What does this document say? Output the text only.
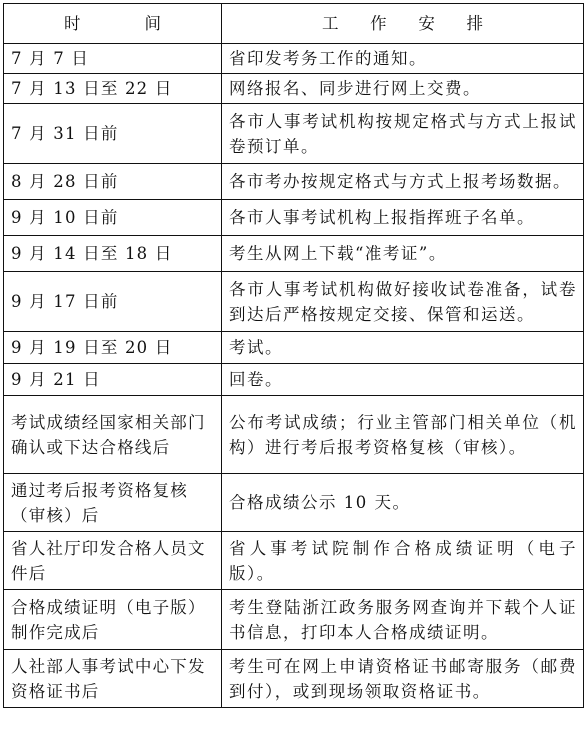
时 间	工 作 安 排

7 月 7 日	省印发考务工作的通知。
7 月 13 日至 22 日	网络报名、同步进行网上交费。
7 月 31 日前	各市人事考试机构按规定格式与方式上报试卷预订单。
8 月 28 日前	各市考办按规定格式与方式上报考场数据。
9 月 10 日前	各市人事考试机构上报指挥班子名单。
9 月 14 日至 18 日	考生从网上下载“准考证”。
9 月 17 日前	各市人事考试机构做好接收试卷准备，试卷到达后严格按规定交接、保管和运送。
9 月 19 日至 20 日	考试。
9 月 21 日	回卷。
考试成绩经国家相关部门确认或下达合格线后	公布考试成绩；行业主管部门相关单位（机构）进行考后报考资格复核（审核）。
通过考后报考资格复核（审核）后	合格成绩公示 10 天。
省人社厅印发合格人员文件后	省人事考试院制作合格成绩证明（电子版）。
合格成绩证明（电子版）制作完成后	考生登陆浙江政务服务网查询并下载个人证书信息，打印本人合格成绩证明。
人社部人事考试中心下发资格证书后	考生可在网上申请资格证书邮寄服务（邮费到付），或到现场领取资格证书。
